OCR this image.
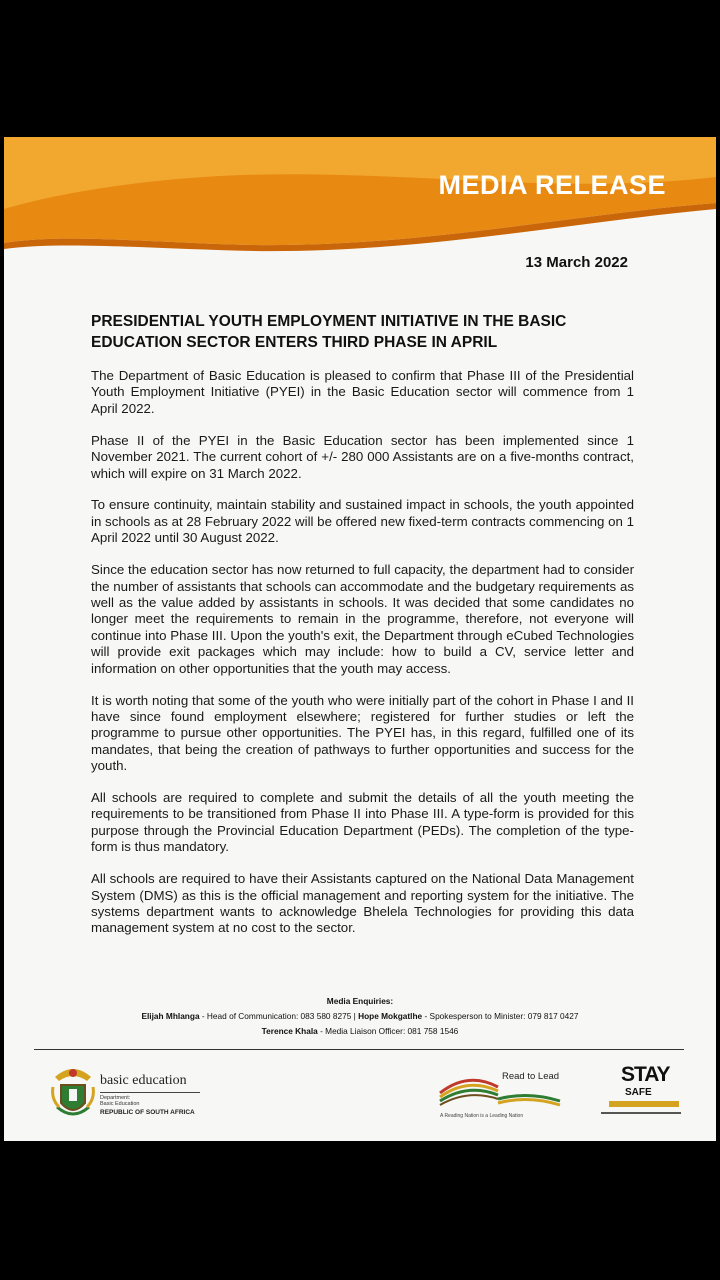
MEDIA RELEASE
13 March 2022
PRESIDENTIAL YOUTH EMPLOYMENT INITIATIVE IN THE BASIC EDUCATION SECTOR ENTERS THIRD PHASE IN APRIL

The Department of Basic Education is pleased to confirm that Phase III of the Presidential Youth Employment Initiative (PYEI) in the Basic Education sector will commence from 1 April 2022.

Phase II of the PYEI in the Basic Education sector has been implemented since 1 November 2021. The current cohort of +/- 280 000 Assistants are on a five-months contract, which will expire on 31 March 2022.

To ensure continuity, maintain stability and sustained impact in schools, the youth appointed in schools as at 28 February 2022 will be offered new fixed-term contracts commencing on 1 April 2022 until 30 August 2022.

Since the education sector has now returned to full capacity, the department had to consider the number of assistants that schools can accommodate and the budgetary requirements as well as the value added by assistants in schools. It was decided that some candidates no longer meet the requirements to remain in the programme, therefore, not everyone will continue into Phase III. Upon the youth's exit, the Department through eCubed Technologies will provide exit packages which may include: how to build a CV, service letter and information on other opportunities that the youth may access.

It is worth noting that some of the youth who were initially part of the cohort in Phase I and II have since found employment elsewhere; registered for further studies or left the programme to pursue other opportunities. The PYEI has, in this regard, fulfilled one of its mandates, that being the creation of pathways to further opportunities and success for the youth.

All schools are required to complete and submit the details of all the youth meeting the requirements to be transitioned from Phase II into Phase III. A type-form is provided for this purpose through the Provincial Education Department (PEDs). The completion of the type-form is thus mandatory.

All schools are required to have their Assistants captured on the National Data Management System (DMS) as this is the official management and reporting system for the initiative. The systems department wants to acknowledge Bhelela Technologies for providing this data management system at no cost to the sector.

Media Enquiries:
Elijah Mhlanga - Head of Communication: 083 580 8275 | Hope Mokgatlhe - Spokesperson to Minister: 079 817 0427
Terence Khala - Media Liaison Officer: 081 758 1546
basic education
Department:
Basic Education
REPUBLIC OF SOUTH AFRICA
Read to Lead
A Reading Nation is a Leading Nation
STAY
SAFE
